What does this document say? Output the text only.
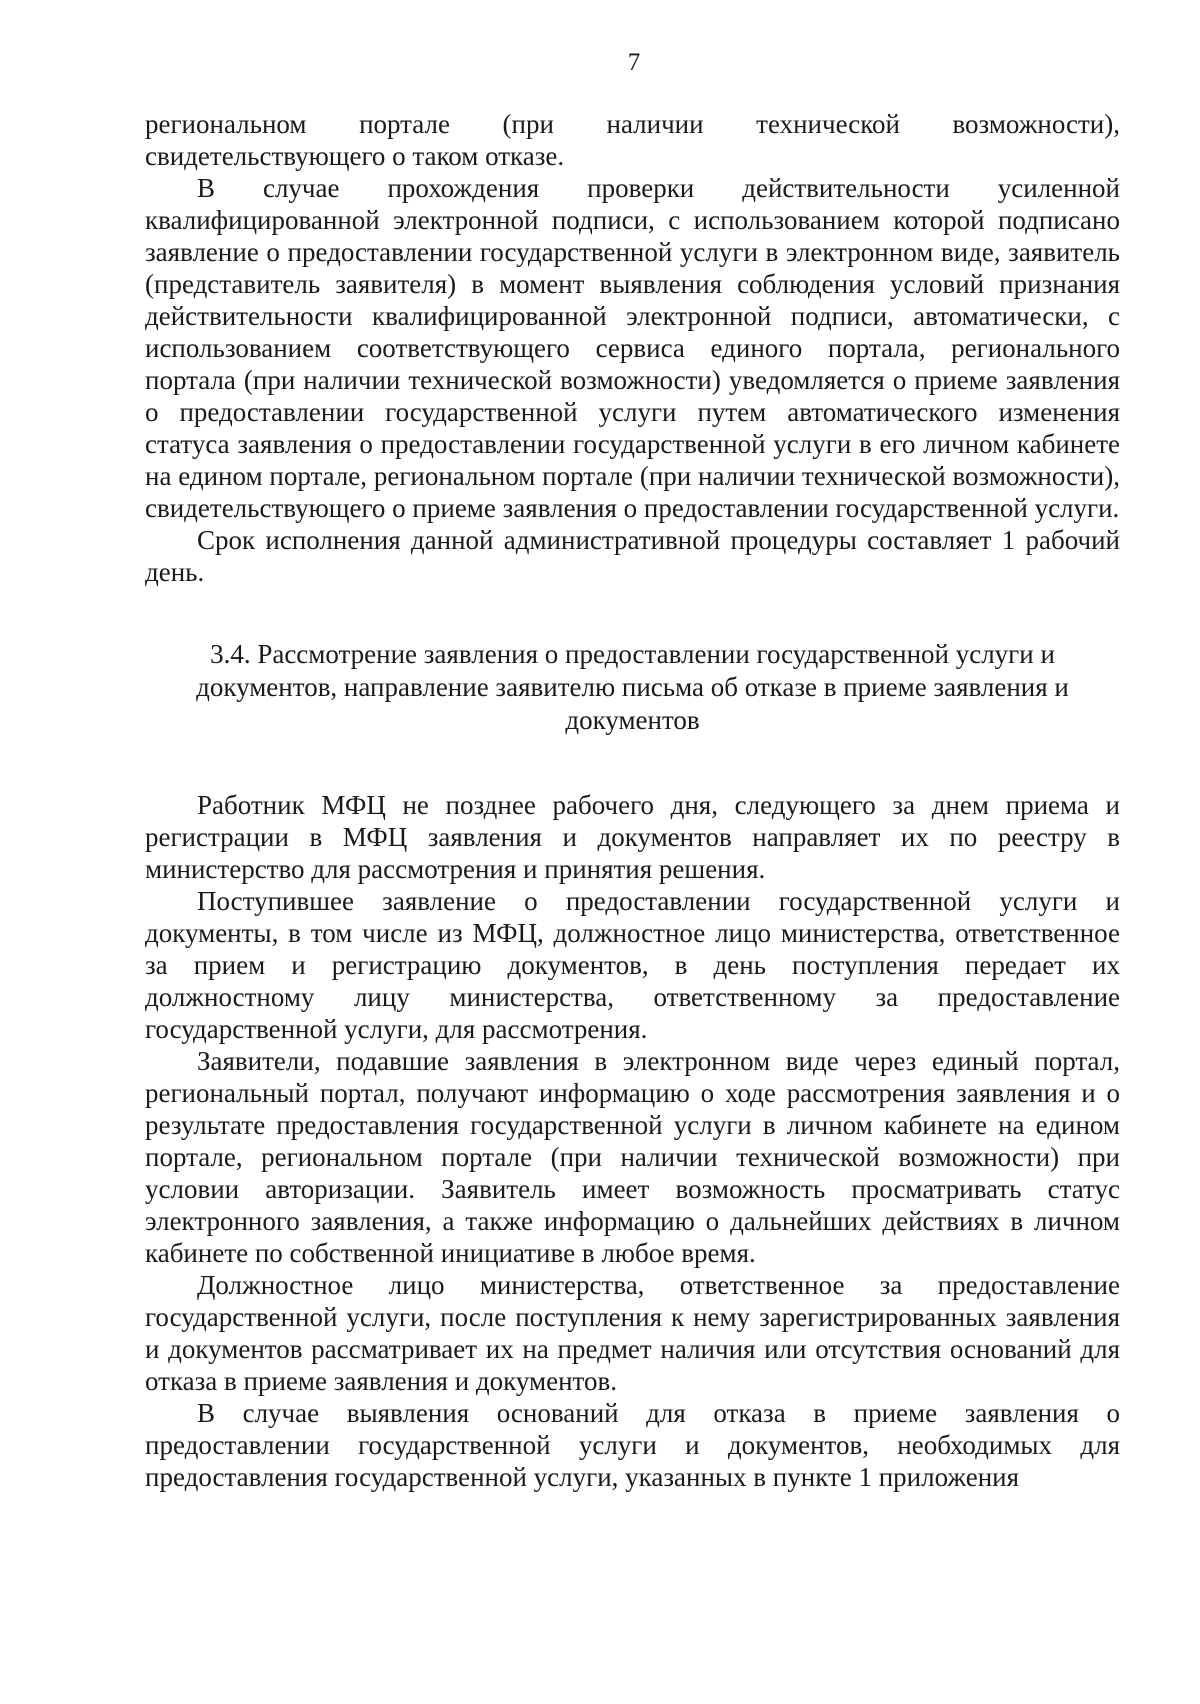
7

региональном портале (при наличии технической возможности), свидетельствующего о таком отказе.

В случае прохождения проверки действительности усиленной квалифицированной электронной подписи, с использованием которой подписано заявление о предоставлении государственной услуги в электронном виде, заявитель (представитель заявителя) в момент выявления соблюдения условий признания действительности квалифицированной электронной подписи, автоматически, с использованием соответствующего сервиса единого портала, регионального портала (при наличии технической возможности) уведомляется о приеме заявления о предоставлении государственной услуги путем автоматического изменения статуса заявления о предоставлении государственной услуги в его личном кабинете на едином портале, региональном портале (при наличии технической возможности), свидетельствующего о приеме заявления о предоставлении государственной услуги.

Срок исполнения данной административной процедуры составляет 1 рабочий день.

3.4. Рассмотрение заявления о предоставлении государственной услуги и документов, направление заявителю письма об отказе в приеме заявления и документов

Работник МФЦ не позднее рабочего дня, следующего за днем приема и регистрации в МФЦ заявления и документов направляет их по реестру в министерство для рассмотрения и принятия решения.

Поступившее заявление о предоставлении государственной услуги и документы, в том числе из МФЦ, должностное лицо министерства, ответственное за прием и регистрацию документов, в день поступления передает их должностному лицу министерства, ответственному за предоставление государственной услуги, для рассмотрения.

Заявители, подавшие заявления в электронном виде через единый портал, региональный портал, получают информацию о ходе рассмотрения заявления и о результате предоставления государственной услуги в личном кабинете на едином портале, региональном портале (при наличии технической возможности) при условии авторизации. Заявитель имеет возможность просматривать статус электронного заявления, а также информацию о дальнейших действиях в личном кабинете по собственной инициативе в любое время.

Должностное лицо министерства, ответственное за предоставление государственной услуги, после поступления к нему зарегистрированных заявления и документов рассматривает их на предмет наличия или отсутствия оснований для отказа в приеме заявления и документов.

В случае выявления оснований для отказа в приеме заявления о предоставлении государственной услуги и документов, необходимых для предоставления государственной услуги, указанных в пункте 1 приложения
